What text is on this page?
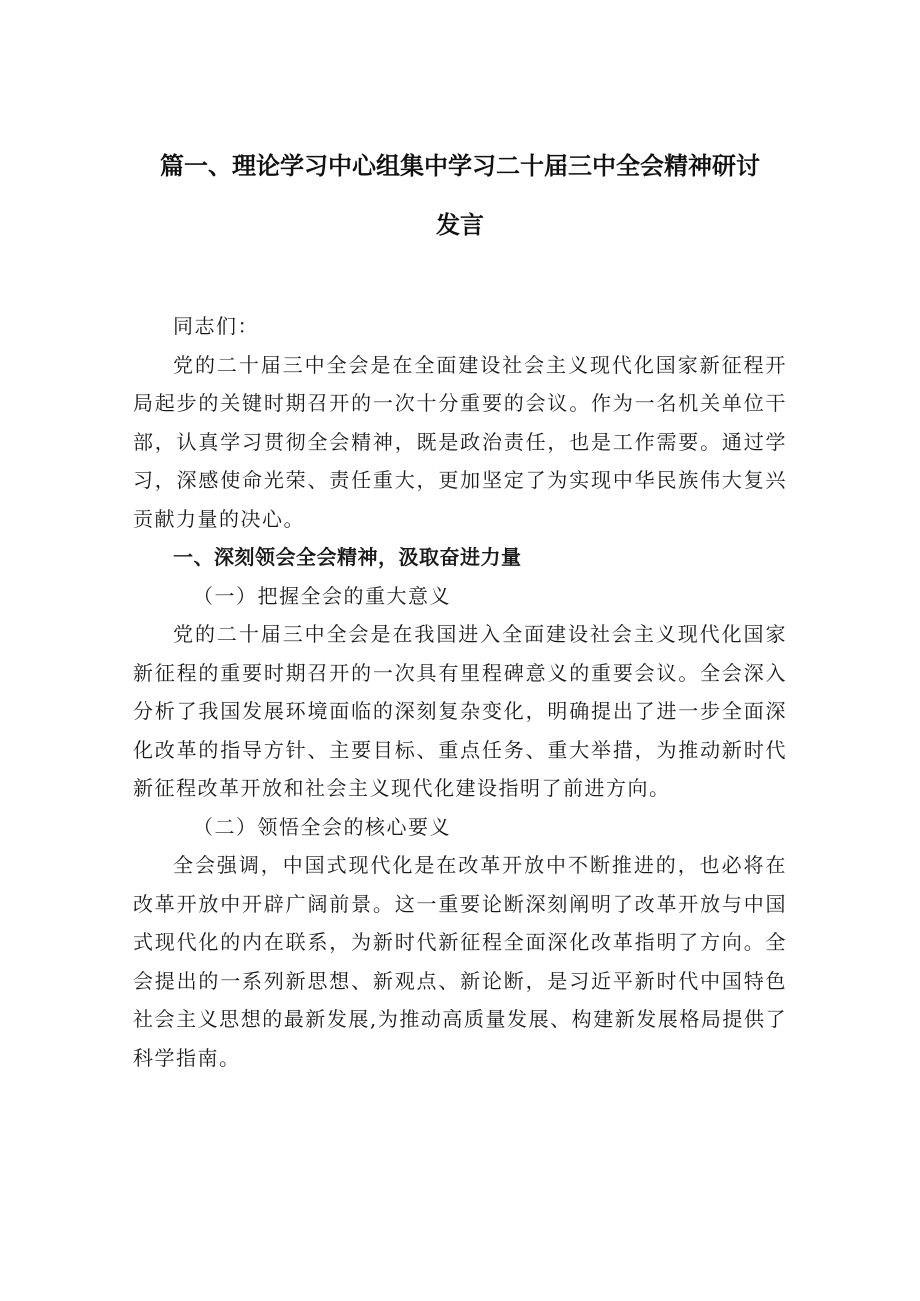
篇一、理论学习中心组集中学习二十届三中全会精神研讨
发言

同志们：

党的二十届三中全会是在全面建设社会主义现代化国家新征程开局起步的关键时期召开的一次十分重要的会议。作为一名机关单位干部，认真学习贯彻全会精神，既是政治责任，也是工作需要。通过学习，深感使命光荣、责任重大，更加坚定了为实现中华民族伟大复兴贡献力量的决心。

一、深刻领会全会精神，汲取奋进力量

（一）把握全会的重大意义

党的二十届三中全会是在我国进入全面建设社会主义现代化国家新征程的重要时期召开的一次具有里程碑意义的重要会议。全会深入分析了我国发展环境面临的深刻复杂变化，明确提出了进一步全面深化改革的指导方针、主要目标、重点任务、重大举措，为推动新时代新征程改革开放和社会主义现代化建设指明了前进方向。

（二）领悟全会的核心要义

全会强调，中国式现代化是在改革开放中不断推进的，也必将在改革开放中开辟广阔前景。这一重要论断深刻阐明了改革开放与中国式现代化的内在联系，为新时代新征程全面深化改革指明了方向。全会提出的一系列新思想、新观点、新论断，是习近平新时代中国特色社会主义思想的最新发展,为推动高质量发展、构建新发展格局提供了科学指南。
